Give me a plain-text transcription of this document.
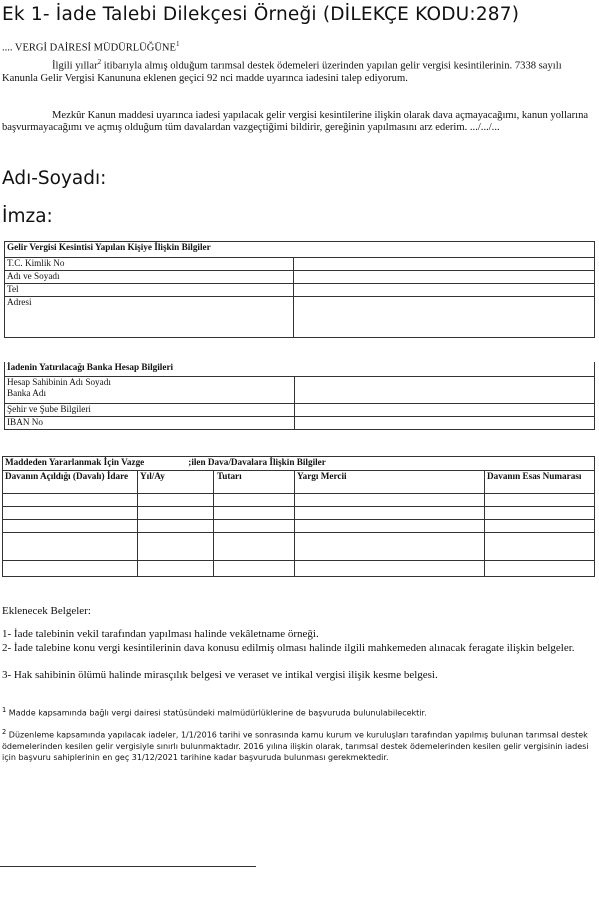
Ek 1- İade Talebi Dilekçesi Örneği (DİLEKÇE KODU:287)
.... VERGİ DAİRESİ MÜDÜRLÜĞÜNE$^1$
İlgili yıllar$^2$ itibarıyla almış olduğum tarımsal destek ödemeleri üzerinden yapılan gelir vergisi kesintilerinin. 7338 sayılı Kanunla Gelir Vergisi Kanununa eklenen geçici 92 nci madde uyarınca iadesini talep ediyorum.
Mezkûr Kanun maddesi uyarınca iadesi yapılacak gelir vergisi kesintilerine ilişkin olarak dava açmayacağımı, kanun yollarına başvurmayacağımı ve açmış olduğum tüm davalardan vazgeçtiğimi bildirir, gereğinin yapılmasını arz ederim. .../.../...
Adı-Soyadı:
İmza:
Gelir Vergisi Kesintisi Yapılan Kişiye İlişkin Bilgiler	
T.C. Kimlik No	
Adı ve Soyadı	
Tel	
Adresi	
İadenin Yatırılacağı Banka Hesap Bilgileri	

Hesap Sahibinin Adı Soyadı
Banka Adı	

Şehir ve Şube Bilgileri	
IBAN No	
Maddeden Yararlanmak İçin Vazge ;ilen Dava/Davalara İlişkin Bilgiler				
Davanın Açıldığı (Davalı) İdare	Yıl/Ay	Tutarı	Yargı Mercii	Davanın Esas Numarası

Eklenecek Belgeler:
1- İade talebinin vekil tarafından yapılması halinde vekâletname örneği.
2- İade talebine konu vergi kesintilerinin dava konusu edilmiş olması halinde ilgili mahkemeden alınacak feragate ilişkin belgeler.
3- Hak sahibinin ölümü halinde mirasçılık belgesi ve veraset ve intikal vergisi ilişik kesme belgesi.
$^1$ Madde kapsamında bağlı vergi dairesi statüsündeki malmüdürlüklerine de başvuruda bulunulabilecektir.
$^2$ Düzenleme kapsamında yapılacak iadeler, 1/1/2016 tarihi ve sonrasında kamu kurum ve kuruluşları tarafından yapılmış bulunan tarımsal destek ödemelerinden kesilen gelir vergisiyle sınırlı bulunmaktadır. 2016 yılına ilişkin olarak, tarımsal destek ödemelerinden kesilen gelir vergisinin iadesi için başvuru sahiplerinin en geç 31/12/2021 tarihine kadar başvuruda bulunması gerekmektedir.
